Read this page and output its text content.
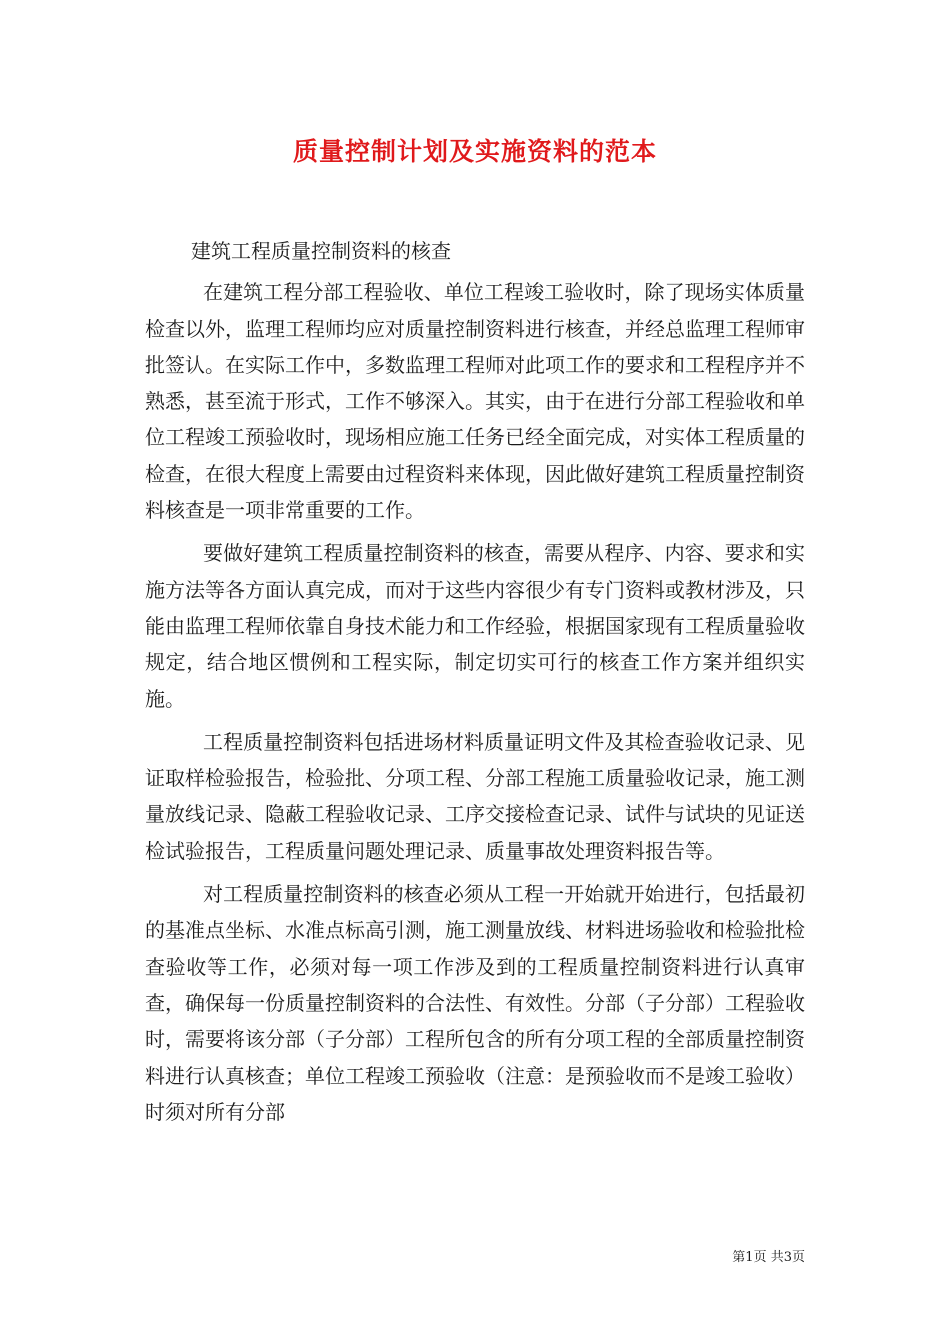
质量控制计划及实施资料的范本

建筑工程质量控制资料的核查

在建筑工程分部工程验收、单位工程竣工验收时，除了现场实体质量检查以外，监理工程师均应对质量控制资料进行核查，并经总监理工程师审批签认。在实际工作中，多数监理工程师对此项工作的要求和工程程序并不熟悉，甚至流于形式，工作不够深入。其实，由于在进行分部工程验收和单位工程竣工预验收时，现场相应施工任务已经全面完成，对实体工程质量的检查，在很大程度上需要由过程资料来体现，因此做好建筑工程质量控制资料核查是一项非常重要的工作。

要做好建筑工程质量控制资料的核查，需要从程序、内容、要求和实施方法等各方面认真完成，而对于这些内容很少有专门资料或教材涉及，只能由监理工程师依靠自身技术能力和工作经验，根据国家现有工程质量验收规定，结合地区惯例和工程实际，制定切实可行的核查工作方案并组织实施。

工程质量控制资料包括进场材料质量证明文件及其检查验收记录、见证取样检验报告，检验批、分项工程、分部工程施工质量验收记录，施工测量放线记录、隐蔽工程验收记录、工序交接检查记录、试件与试块的见证送检试验报告，工程质量问题处理记录、质量事故处理资料报告等。

对工程质量控制资料的核查必须从工程一开始就开始进行，包括最初的基准点坐标、水准点标高引测，施工测量放线、材料进场验收和检验批检查验收等工作，必须对每一项工作涉及到的工程质量控制资料进行认真审查，确保每一份质量控制资料的合法性、有效性。分部（子分部）工程验收时，需要将该分部（子分部）工程所包含的所有分项工程的全部质量控制资料进行认真核查；单位工程竣工预验收（注意：是预验收而不是竣工验收）时须对所有分部

第1页 共3页
